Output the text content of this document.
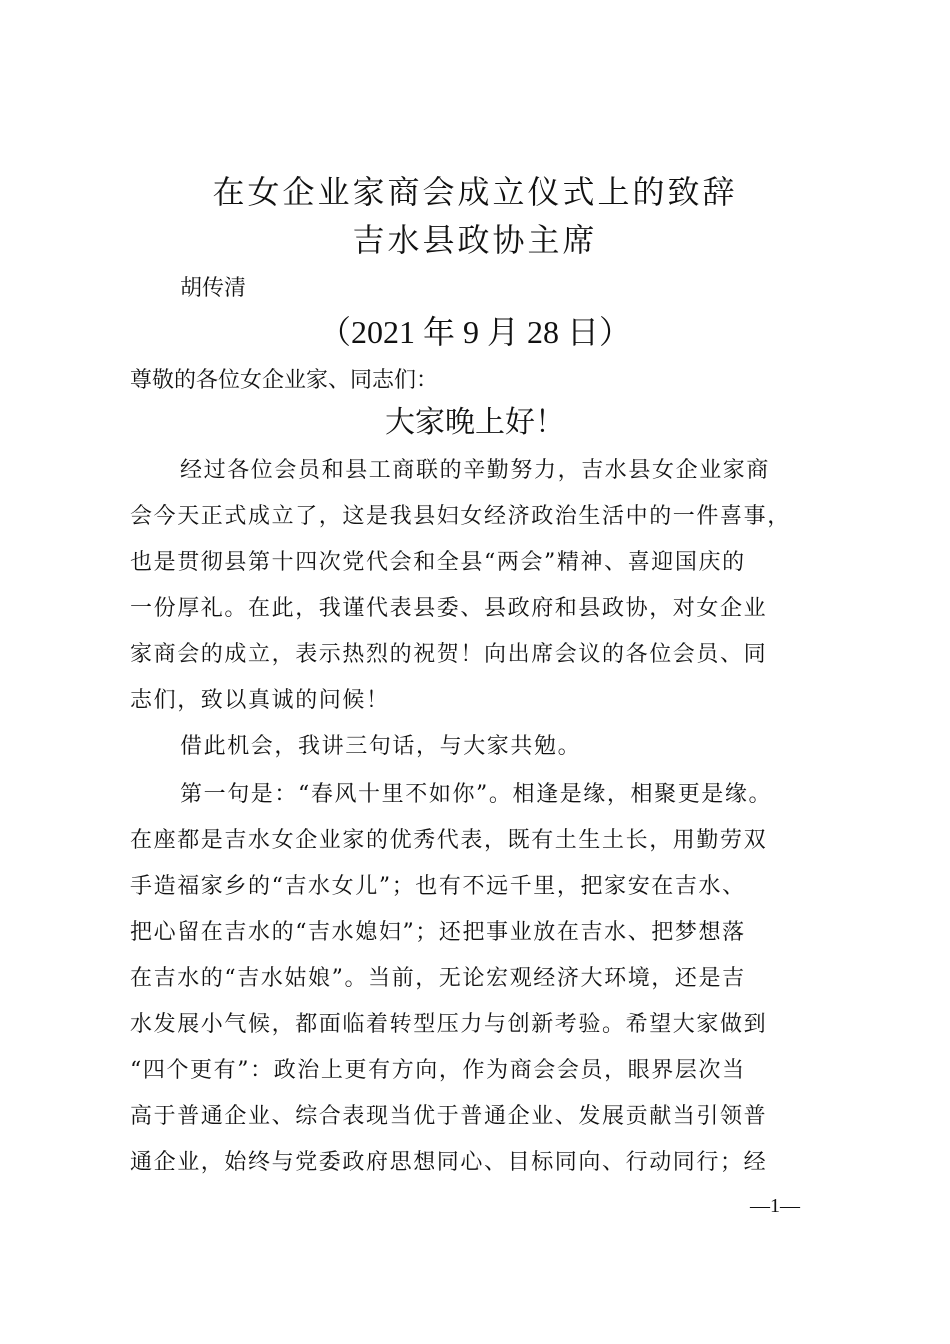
在女企业家商会成立仪式上的致辞
吉水县政协主席
胡传清
（2021 年 9 月 28 日）
尊敬的各位女企业家、同志们：
大家晚上好！
经过各位会员和县工商联的辛勤努力，吉水县女企业家商
会今天正式成立了，这是我县妇女经济政治生活中的一件喜事，
也是贯彻县第十四次党代会和全县“两会”精神、喜迎国庆的
一份厚礼。在此，我谨代表县委、县政府和县政协，对女企业
家商会的成立，表示热烈的祝贺！向出席会议的各位会员、同
志们，致以真诚的问候！
借此机会，我讲三句话，与大家共勉。
第一句是：“春风十里不如你”。相逢是缘，相聚更是缘。
在座都是吉水女企业家的优秀代表，既有土生土长，用勤劳双
手造福家乡的“吉水女儿”；也有不远千里，把家安在吉水、
把心留在吉水的“吉水媳妇”；还把事业放在吉水、把梦想落
在吉水的“吉水姑娘”。当前，无论宏观经济大环境，还是吉
水发展小气候，都面临着转型压力与创新考验。希望大家做到
“四个更有”：政治上更有方向，作为商会会员，眼界层次当
高于普通企业、综合表现当优于普通企业、发展贡献当引领普
通企业，始终与党委政府思想同心、目标同向、行动同行；经
—1—
